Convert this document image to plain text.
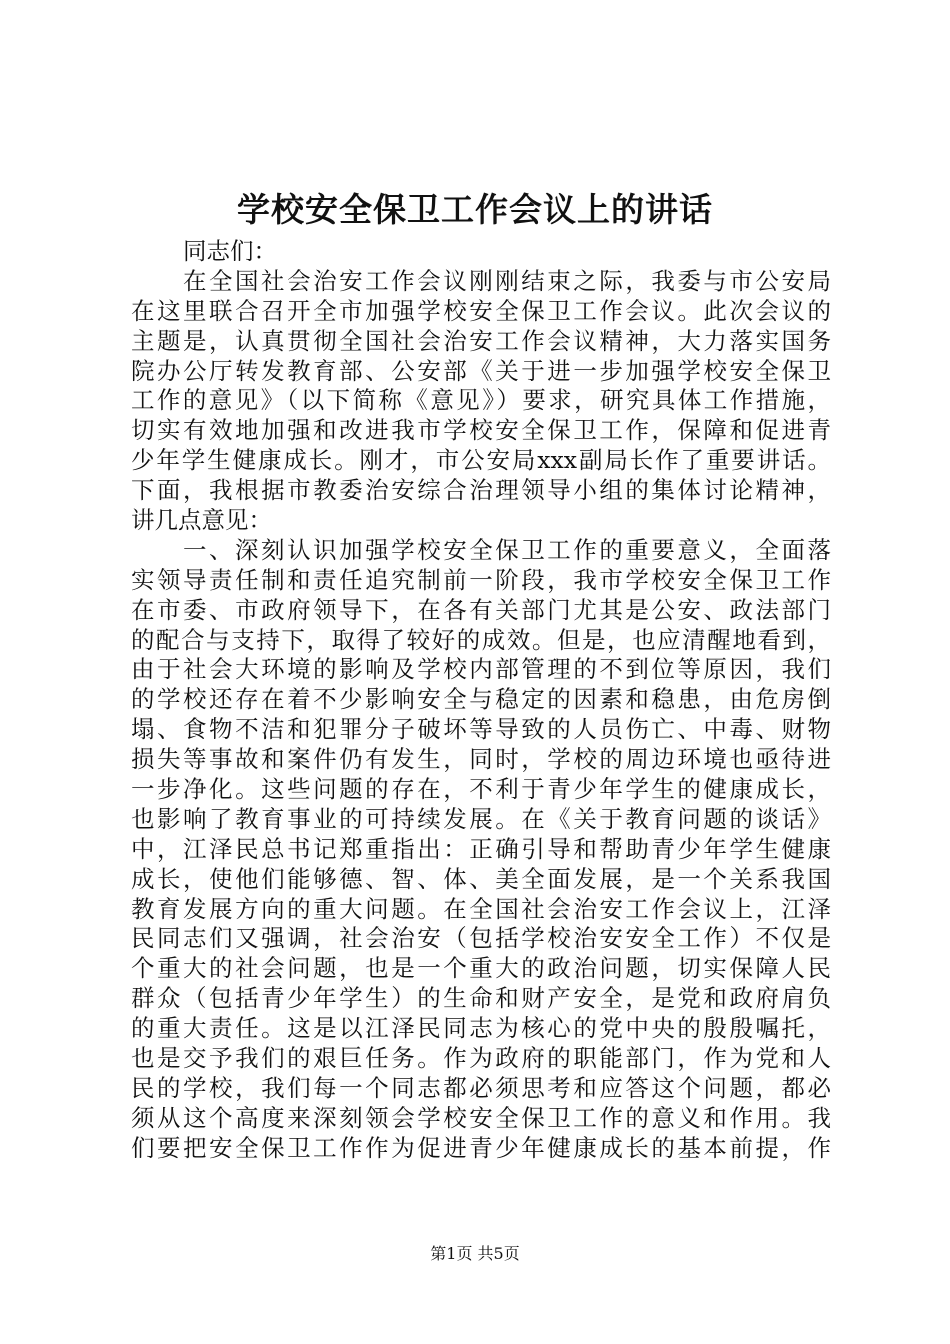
学校安全保卫工作会议上的讲话
同志们：
在全国社会治安工作会议刚刚结束之际，我委与市公安局
在这里联合召开全市加强学校安全保卫工作会议。此次会议的
主题是，认真贯彻全国社会治安工作会议精神，大力落实国务
院办公厅转发教育部、公安部《关于进一步加强学校安全保卫
工作的意见》（以下简称《意见》）要求，研究具体工作措施，
切实有效地加强和改进我市学校安全保卫工作，保障和促进青
少年学生健康成长。刚才，市公安局xxx副局长作了重要讲话。
下面，我根据市教委治安综合治理领导小组的集体讨论精神，
讲几点意见：
一、深刻认识加强学校安全保卫工作的重要意义，全面落
实领导责任制和责任追究制前一阶段，我市学校安全保卫工作
在市委、市政府领导下，在各有关部门尤其是公安、政法部门
的配合与支持下，取得了较好的成效。但是，也应清醒地看到，
由于社会大环境的影响及学校内部管理的不到位等原因，我们
的学校还存在着不少影响安全与稳定的因素和稳患，由危房倒
塌、食物不洁和犯罪分子破坏等导致的人员伤亡、中毒、财物
损失等事故和案件仍有发生，同时，学校的周边环境也亟待进
一步净化。这些问题的存在，不利于青少年学生的健康成长，
也影响了教育事业的可持续发展。在《关于教育问题的谈话》
中，江泽民总书记郑重指出：正确引导和帮助青少年学生健康
成长，使他们能够德、智、体、美全面发展，是一个关系我国
教育发展方向的重大问题。在全国社会治安工作会议上，江泽
民同志们又强调，社会治安（包括学校治安安全工作）不仅是
个重大的社会问题，也是一个重大的政治问题，切实保障人民
群众（包括青少年学生）的生命和财产安全，是党和政府肩负
的重大责任。这是以江泽民同志为核心的党中央的殷殷嘱托，
也是交予我们的艰巨任务。作为政府的职能部门，作为党和人
民的学校，我们每一个同志都必须思考和应答这个问题，都必
须从这个高度来深刻领会学校安全保卫工作的意义和作用。我
们要把安全保卫工作作为促进青少年健康成长的基本前提，作
第1页 共5页
